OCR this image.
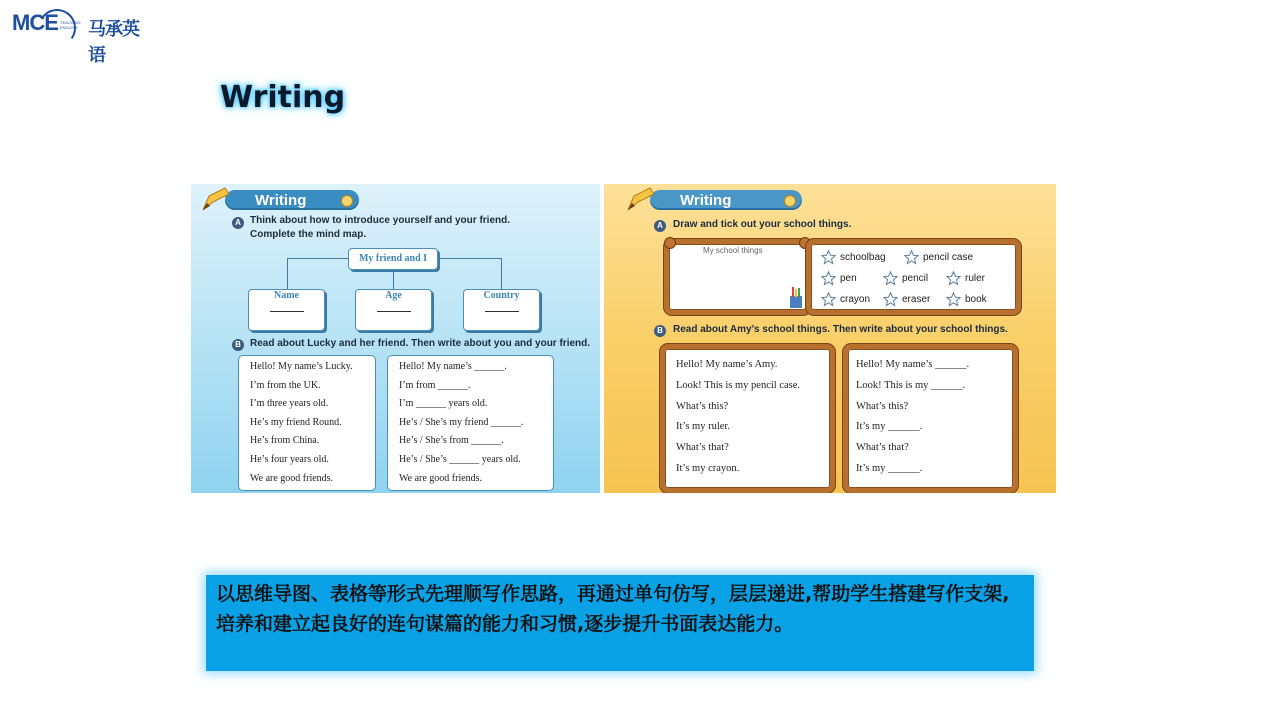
MCE TEACHING
ENGLISH 马承英语
Writing
Writing
A Think about how to introduce yourself and your friend.
Complete the mind map.
My friend and I
Name	Age	Country
B Read about Lucky and her friend. Then write about you and your friend.
Hello! My name’s Lucky.
I’m from the UK.
I’m three years old.
He’s my friend Round.
He’s from China.
He’s four years old.
We are good friends.
Hello! My name’s ______.
I’m from ______.
I’m ______ years old.
He’s / She’s my friend ______.
He’s / She’s from ______.
He’s / She’s ______ years old.
We are good friends.
Writing
A	Draw and tick out your school things.
My school things
schoolbag	pencil case
pen	pencil	ruler
crayon	eraser	book
B	Read about Amy’s school things. Then write about your school things.
Hello! My name’s Amy.
Look! This is my pencil case.
What’s this?
It’s my ruler.
What’s that?
It’s my crayon.
Hello! My name’s ______.
Look! This is my ______.
What’s this?
It’s my ______.
What’s that?
It’s my ______.
以思维导图、表格等形式先理顺写作思路，再通过单句仿写，层层递进,帮助学生搭建写作支架,培养和建立起良好的连句谋篇的能力和习惯,逐步提升书面表达能力。
